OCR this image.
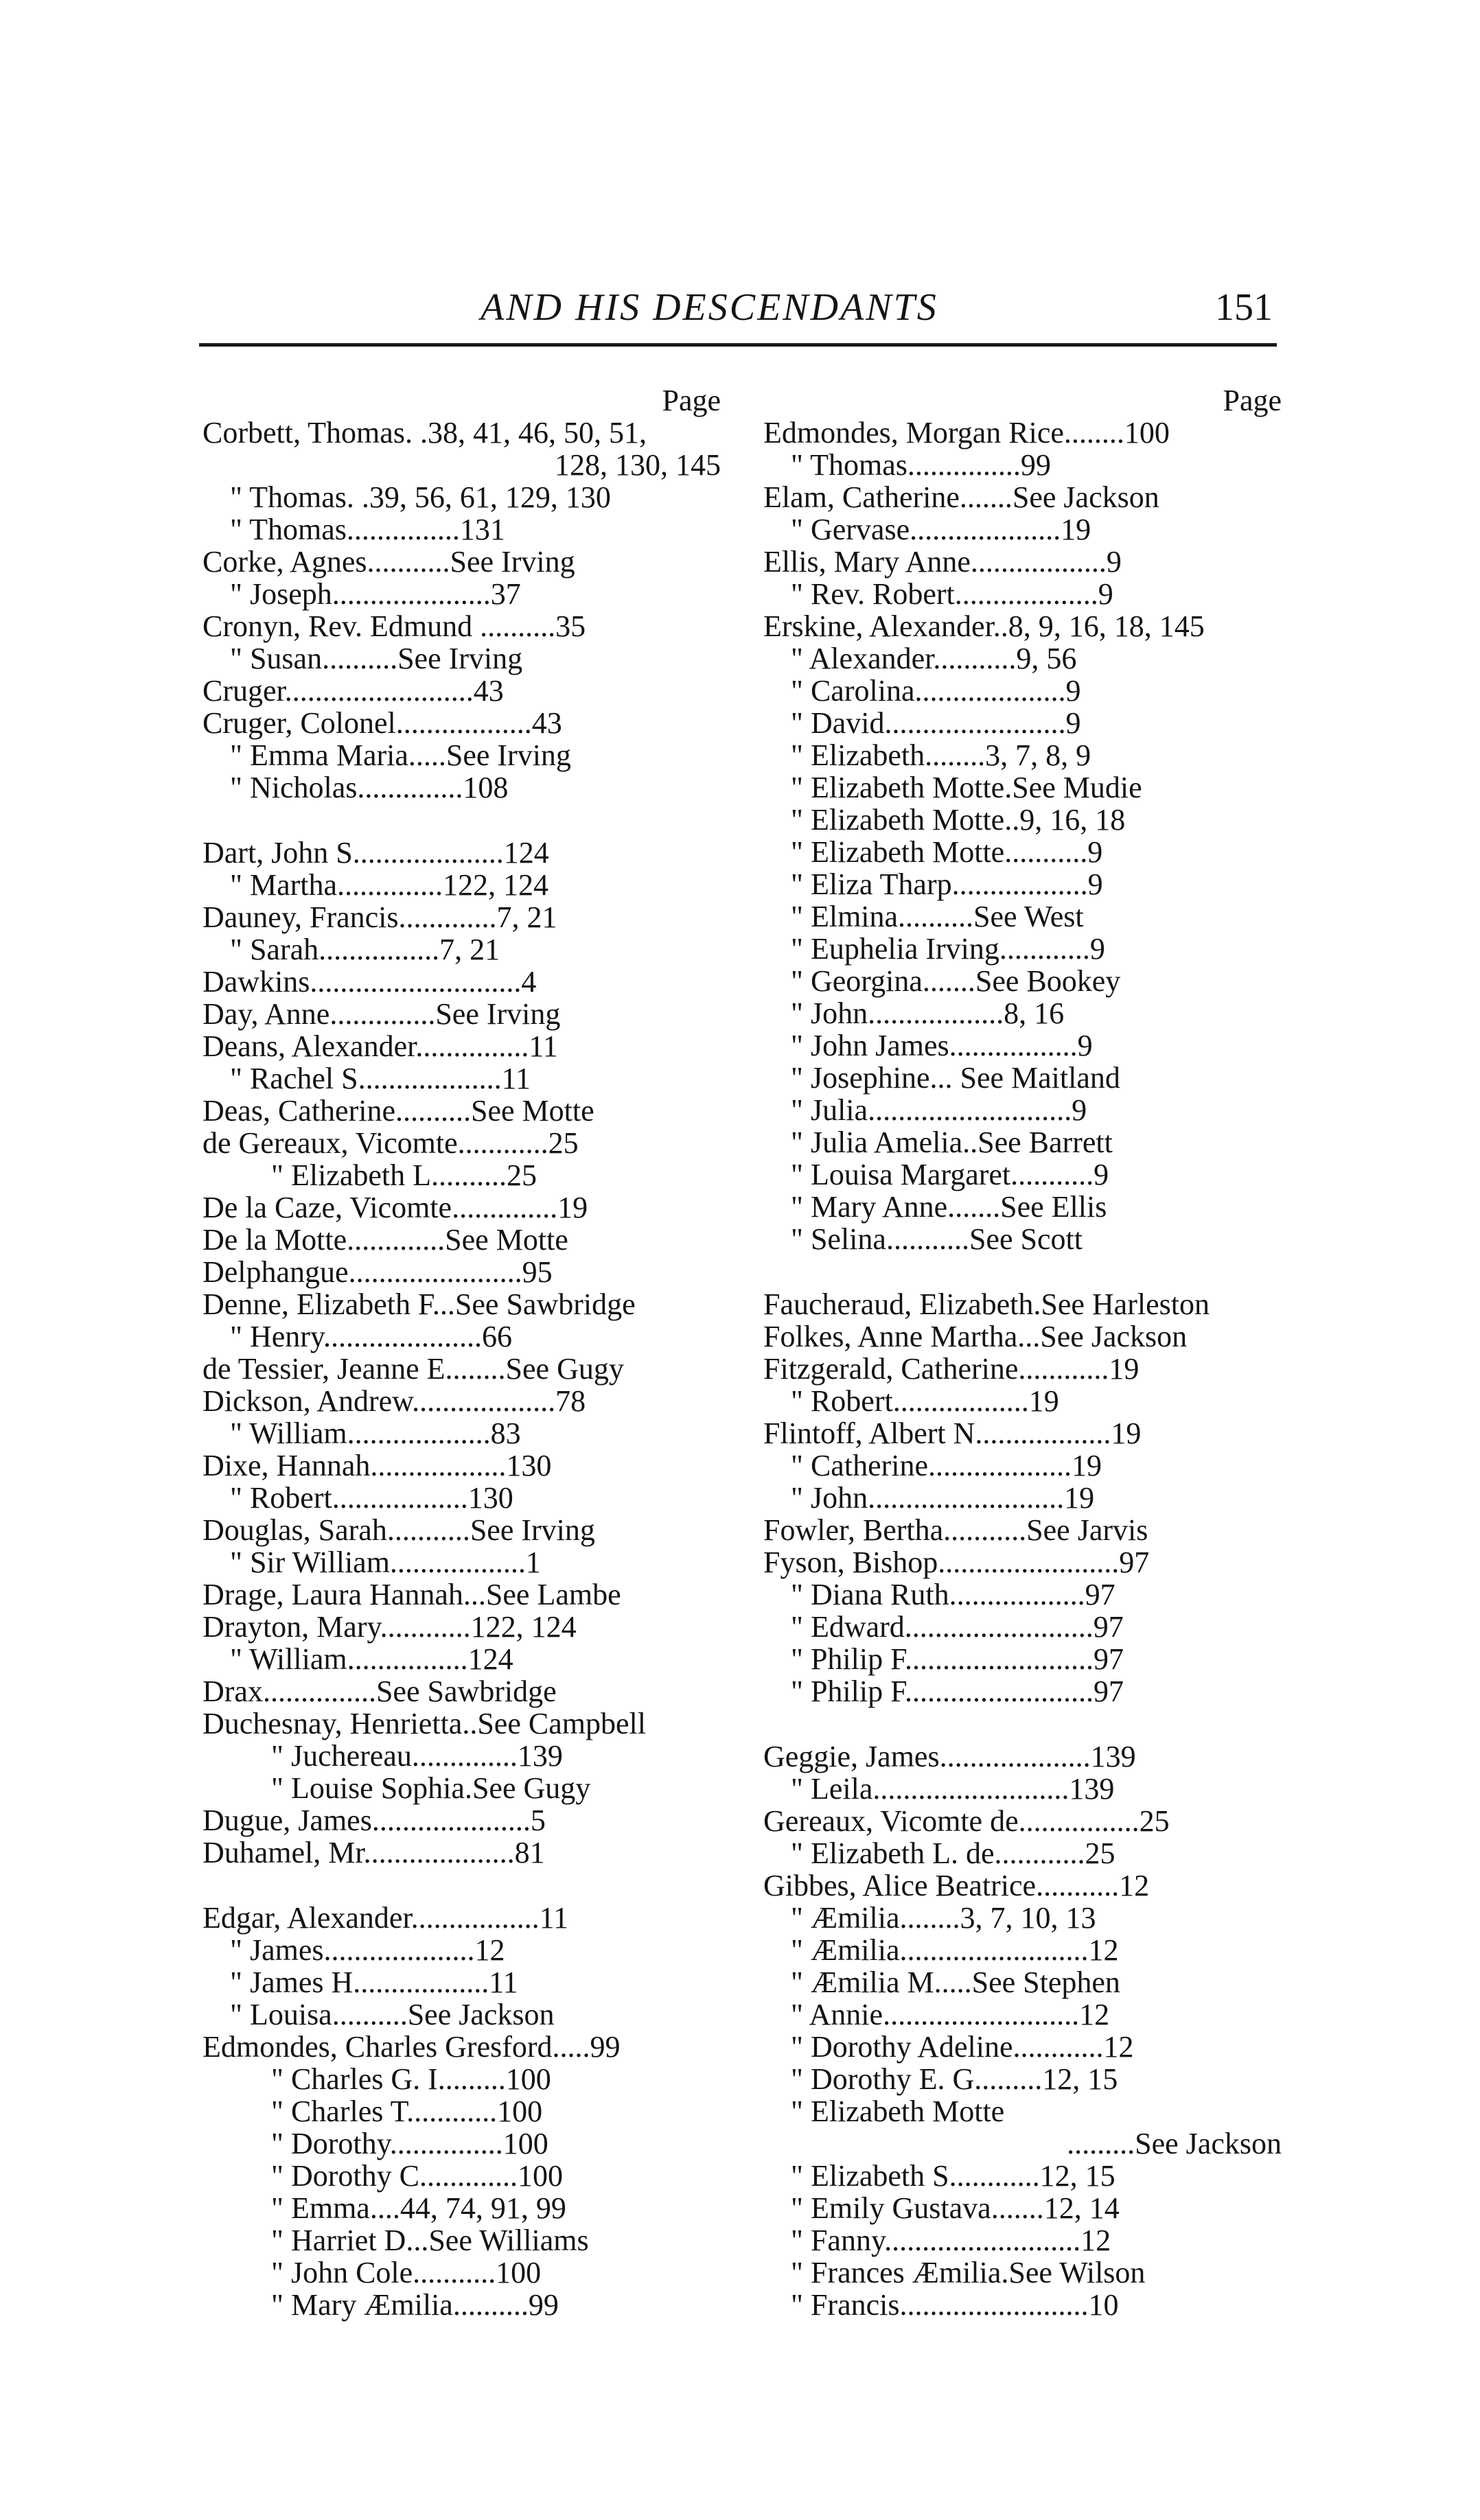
AND HIS DESCENDANTS	151
Page
Corbett, Thomas. .38, 41, 46, 50, 51,
128, 130, 145
" Thomas. .39, 56, 61, 129, 130
" Thomas...............131
Corke, Agnes...........See Irving
" Joseph.....................37
Cronyn, Rev. Edmund ..........35
" Susan..........See Irving
Cruger.........................43
Cruger, Colonel..................43
" Emma Maria.....See Irving
" Nicholas..............108
Dart, John S....................124
" Martha..............122, 124
Dauney, Francis.............7, 21
" Sarah................7, 21
Dawkins............................4
Day, Anne..............See Irving
Deans, Alexander...............11
" Rachel S...................11
Deas, Catherine..........See Motte
de Gereaux, Vicomte............25
" Elizabeth L..........25
De la Caze, Vicomte..............19
De la Motte.............See Motte
Delphangue.......................95
Denne, Elizabeth F...See Sawbridge
" Henry.....................66
de Tessier, Jeanne E........See Gugy
Dickson, Andrew...................78
" William...................83
Dixe, Hannah..................130
" Robert..................130
Douglas, Sarah...........See Irving
" Sir William..................1
Drage, Laura Hannah...See Lambe
Drayton, Mary............122, 124
" William................124
Drax...............See Sawbridge
Duchesnay, Henrietta..See Campbell
" Juchereau..............139
" Louise Sophia.See Gugy
Dugue, James.....................5
Duhamel, Mr....................81
Edgar, Alexander.................11
" James....................12
" James H..................11
" Louisa..........See Jackson
Edmondes, Charles Gresford.....99
" Charles G. I.........100
" Charles T............100
" Dorothy...............100
" Dorothy C.............100
" Emma....44, 74, 91, 99
" Harriet D...See Williams
" John Cole...........100
" Mary Æmilia..........99
Page
Edmondes, Morgan Rice........100
" Thomas...............99
Elam, Catherine.......See Jackson
" Gervase....................19
Ellis, Mary Anne..................9
" Rev. Robert...................9
Erskine, Alexander..8, 9, 16, 18, 145
" Alexander...........9, 56
" Carolina....................9
" David........................9
" Elizabeth........3, 7, 8, 9
" Elizabeth Motte.See Mudie
" Elizabeth Motte..9, 16, 18
" Elizabeth Motte...........9
" Eliza Tharp..................9
" Elmina..........See West
" Euphelia Irving............9
" Georgina.......See Bookey
" John..................8, 16
" John James.................9
" Josephine... See Maitland
" Julia...........................9
" Julia Amelia..See Barrett
" Louisa Margaret...........9
" Mary Anne.......See Ellis
" Selina...........See Scott
Faucheraud, Elizabeth.See Harleston
Folkes, Anne Martha...See Jackson
Fitzgerald, Catherine............19
" Robert..................19
Flintoff, Albert N..................19
" Catherine...................19
" John..........................19
Fowler, Bertha...........See Jarvis
Fyson, Bishop........................97
" Diana Ruth..................97
" Edward.........................97
" Philip F.........................97
" Philip F.........................97
Geggie, James....................139
" Leila..........................139
Gereaux, Vicomte de................25
" Elizabeth L. de............25
Gibbes, Alice Beatrice...........12
" Æmilia........3, 7, 10, 13
" Æmilia.........................12
" Æmilia M.....See Stephen
" Annie..........................12
" Dorothy Adeline............12
" Dorothy E. G.........12, 15
" Elizabeth Motte
.........See Jackson
" Elizabeth S............12, 15
" Emily Gustava.......12, 14
" Fanny..........................12
" Frances Æmilia.See Wilson
" Francis.........................10
